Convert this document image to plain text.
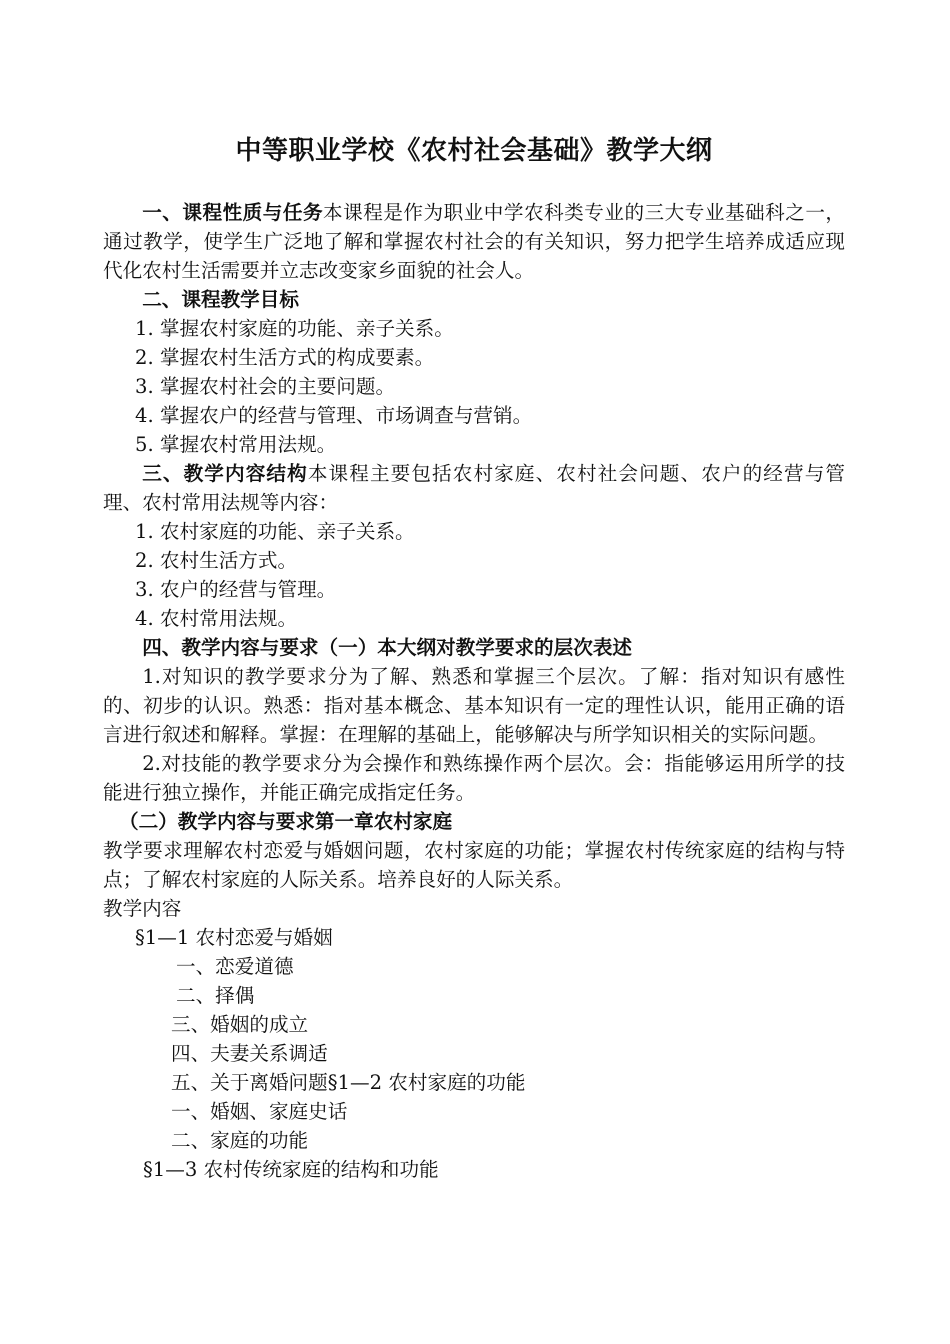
中等职业学校《农村社会基础》教学大纲

一、课程性质与任务本课程是作为职业中学农科类专业的三大专业基础科之一，通过教学，使学生广泛地了解和掌握农村社会的有关知识，努力把学生培养成适应现代化农村生活需要并立志改变家乡面貌的社会人。

二、课程教学目标

1. 掌握农村家庭的功能、亲子关系。

2. 掌握农村生活方式的构成要素。

3. 掌握农村社会的主要问题。

4. 掌握农户的经营与管理、市场调查与营销。

5. 掌握农村常用法规。

三、教学内容结构本课程主要包括农村家庭、农村社会问题、农户的经营与管理、农村常用法规等内容：

1. 农村家庭的功能、亲子关系。

2. 农村生活方式。

3. 农户的经营与管理。

4. 农村常用法规。

四、教学内容与要求（一）本大纲对教学要求的层次表述

1.对知识的教学要求分为了解、熟悉和掌握三个层次。了解：指对知识有感性的、初步的认识。熟悉：指对基本概念、基本知识有一定的理性认识，能用正确的语言进行叙述和解释。掌握：在理解的基础上，能够解决与所学知识相关的实际问题。

2.对技能的教学要求分为会操作和熟练操作两个层次。会：指能够运用所学的技能进行独立操作，并能正确完成指定任务。

（二）教学内容与要求第一章农村家庭

教学要求理解农村恋爱与婚姻问题，农村家庭的功能；掌握农村传统家庭的结构与特点；了解农村家庭的人际关系。培养良好的人际关系。

教学内容

§1—1 农村恋爱与婚姻

一、恋爱道德

二、择偶

三、婚姻的成立

四、夫妻关系调适

五、关于离婚问题§1—2 农村家庭的功能

一、婚姻、家庭史话

二、家庭的功能

§1—3 农村传统家庭的结构和功能
